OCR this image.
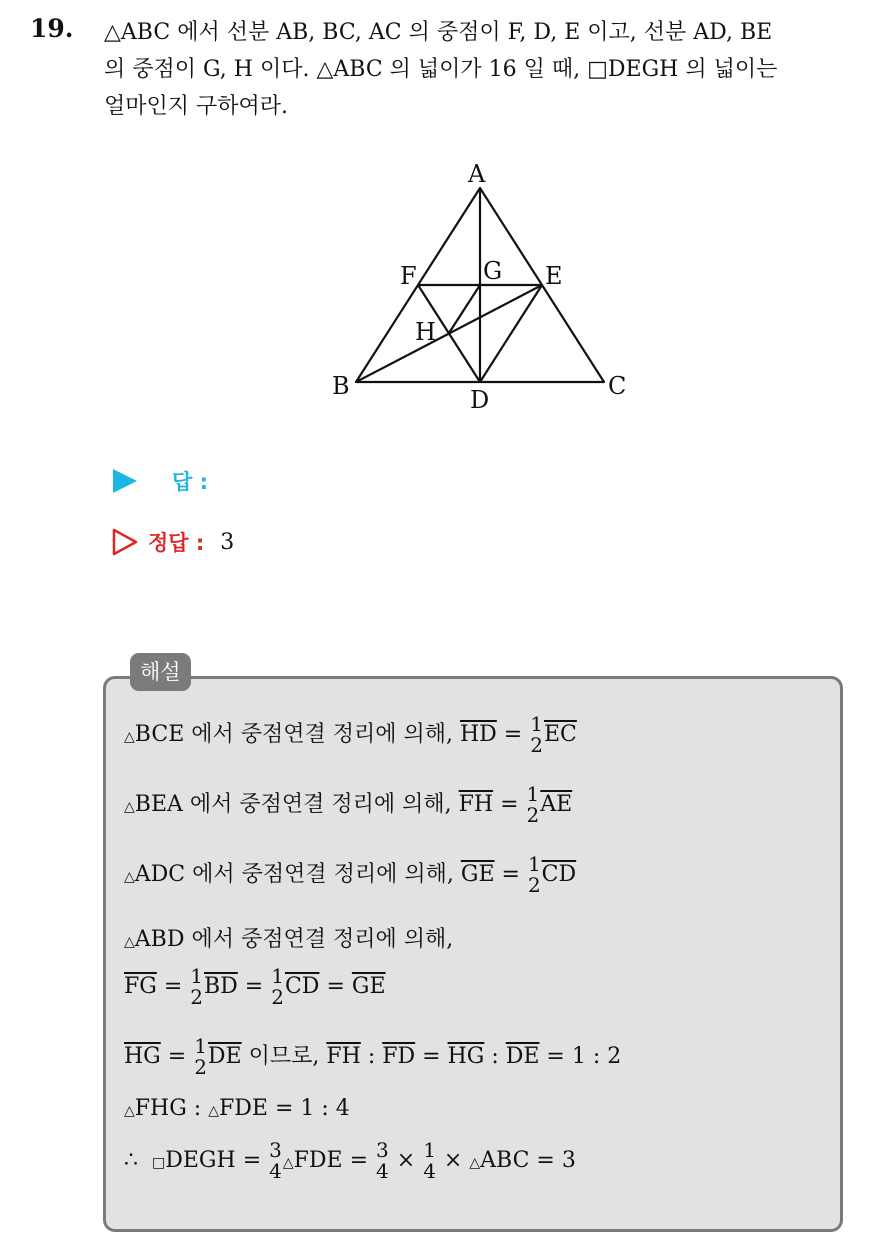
19. △ABC 에서 선분 AB, BC, AC 의 중점이 F, D, E 이고, 선분 AD, BE
의 중점이 G, H 이다. △ABC 의 넓이가 16 일 때, □DEGH 의 넓이는
얼마인지 구하여라.
A
B	C
D
E
F	G
H
답 :
정답 : 3
해설
△BCE 에서 중점연결 정리에 의해, $\overline{HD} = 1$
2 $\overline{EC}$
△BEA 에서 중점연결 정리에 의해, $\overline{FH} = 1$
2 $\overline{AE}$
△ADC 에서 중점연결 정리에 의해, $\overline{GE} = 1$
2 $\overline{CD}$
△ABD 에서 중점연결 정리에 의해,
$\overline{FG} = 1$
2 $\overline{BD} = 1$
2 $\overline{CD} = \overline{GE}$
$\overline{HG} = 1$
2 $\overline{DE}$ 이므로, $\overline{FH}$ : $\overline{FD} = \overline{HG}$ : $\overline{DE} = 1$ : 2
△FHG : △FDE = 1 : 4
∴ □DEGH = 3
4 △FDE = 3
4 × 1
4 × △ABC = 3
